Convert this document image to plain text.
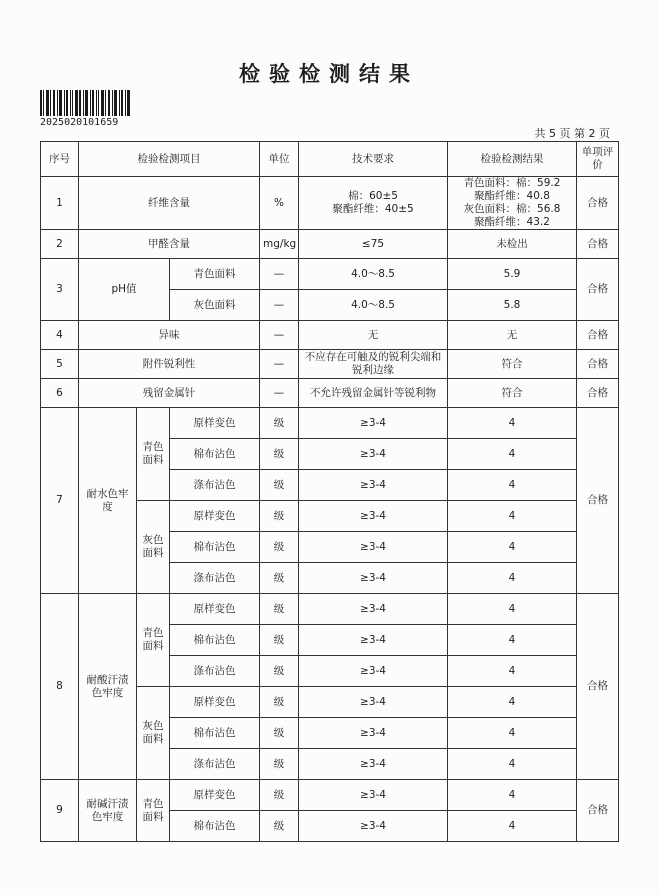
检验检测结果
2025020101659
共 5 页 第 2 页
序号	检验检测项目			单位	技术要求	检验检测结果	单项评价
1	纤维含量			%	棉：60±5
聚酯纤维：40±5	青色面料：棉：59.2
聚酯纤维：40.8
灰色面料：棉：56.8
聚酯纤维：43.2	合格
2	甲醛含量			mg/kg	≤75	未检出	合格
3	pH值		青色面料	—	4.0～8.5	5.9	合格
			灰色面料	—	4.0～8.5	5.8	
4	异味			—	无	无	合格
5	附件锐利性			—	不应存在可触及的锐利尖端和锐利边缘	符合	合格
6	残留金属针			—	不允许残留金属针等锐利物	符合	合格
7	耐水色牢度	青色面料	原样变色	级	≥3-4	4	合格
			棉布沾色	级	≥3-4	4	
			涤布沾色	级	≥3-4	4	
		灰色面料	原样变色	级	≥3-4	4	
			棉布沾色	级	≥3-4	4	
			涤布沾色	级	≥3-4	4	
8	耐酸汗渍色牢度	青色面料	原样变色	级	≥3-4	4	合格
			棉布沾色	级	≥3-4	4	
			涤布沾色	级	≥3-4	4	
		灰色面料	原样变色	级	≥3-4	4	
			棉布沾色	级	≥3-4	4	
			涤布沾色	级	≥3-4	4	
9	耐碱汗渍色牢度	青色面料	原样变色	级	≥3-4	4	合格
			棉布沾色	级	≥3-4	4	
